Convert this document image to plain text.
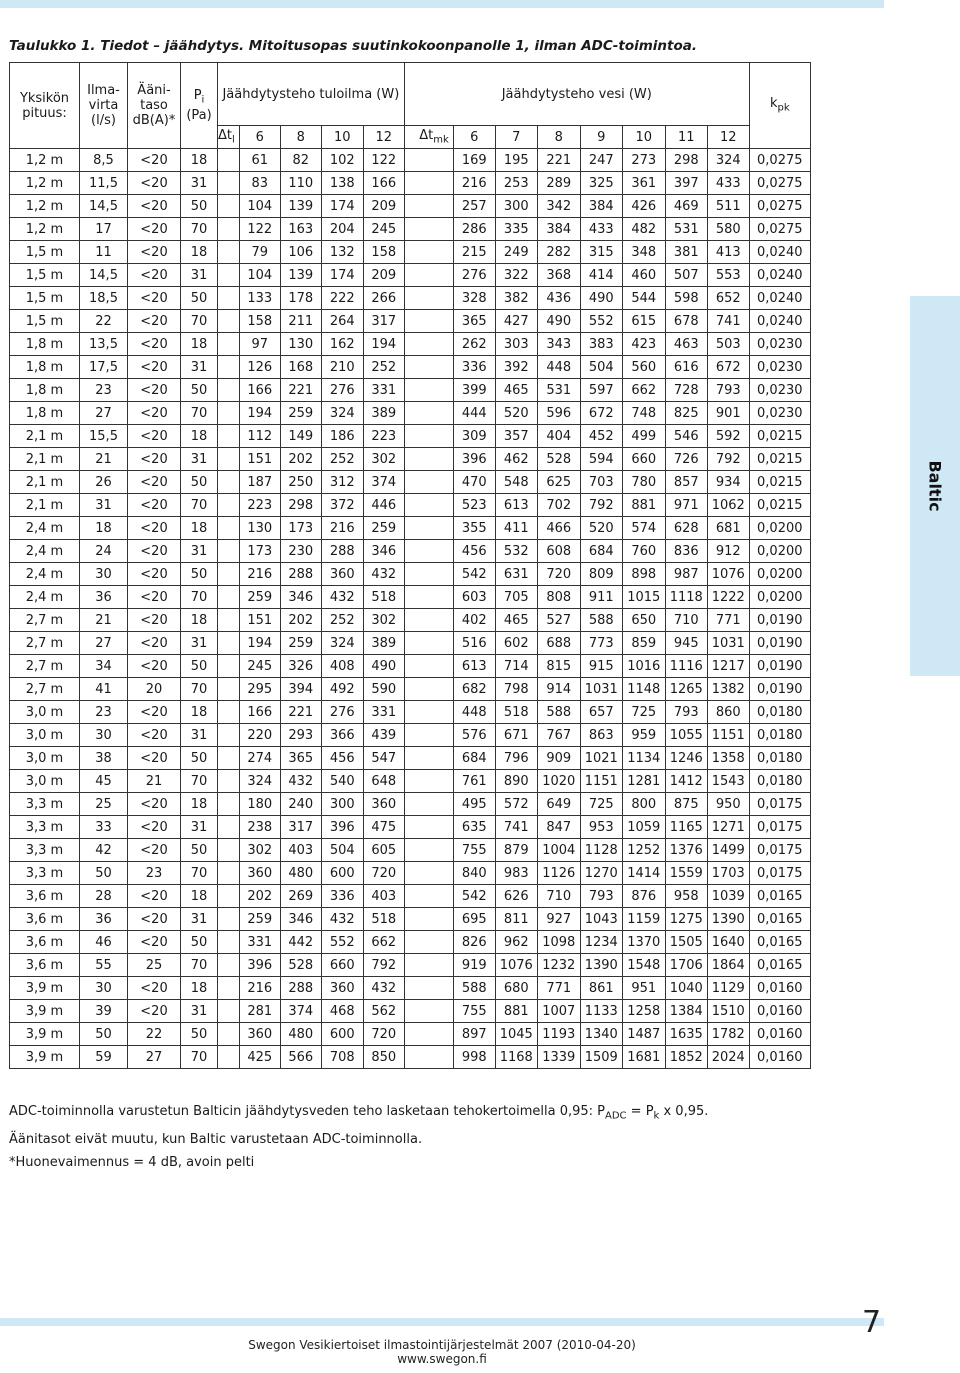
Taulukko 1. Tiedot – jäähdytys. Mitoitusopas suutinkokoonpanolle 1, ilman ADC-toimintoa.
Baltic
Yksikön pituus:	Ilma-virta (l/s)	Ääni-taso dB(A)*	$P_i$
(Pa)	Jäähdytysteho tuloilma (W)					Jäähdytysteho vesi (W)								$k_{pk}$
				$\Delta t_l$	6	8	10	12	$\Delta t_{mk}$	6	7	8	9	10	11	12	
1,2 m	8,5	<20	18		61	82	102	122		169	195	221	247	273	298	324	0,0275
1,2 m	11,5	<20	31		83	110	138	166		216	253	289	325	361	397	433	0,0275
1,2 m	14,5	<20	50		104	139	174	209		257	300	342	384	426	469	511	0,0275
1,2 m	17	<20	70		122	163	204	245		286	335	384	433	482	531	580	0,0275
1,5 m	11	<20	18		79	106	132	158		215	249	282	315	348	381	413	0,0240
1,5 m	14,5	<20	31		104	139	174	209		276	322	368	414	460	507	553	0,0240
1,5 m	18,5	<20	50		133	178	222	266		328	382	436	490	544	598	652	0,0240
1,5 m	22	<20	70		158	211	264	317		365	427	490	552	615	678	741	0,0240
1,8 m	13,5	<20	18		97	130	162	194		262	303	343	383	423	463	503	0,0230
1,8 m	17,5	<20	31		126	168	210	252		336	392	448	504	560	616	672	0,0230
1,8 m	23	<20	50		166	221	276	331		399	465	531	597	662	728	793	0,0230
1,8 m	27	<20	70		194	259	324	389		444	520	596	672	748	825	901	0,0230
2,1 m	15,5	<20	18		112	149	186	223		309	357	404	452	499	546	592	0,0215
2,1 m	21	<20	31		151	202	252	302		396	462	528	594	660	726	792	0,0215
2,1 m	26	<20	50		187	250	312	374		470	548	625	703	780	857	934	0,0215
2,1 m	31	<20	70		223	298	372	446		523	613	702	792	881	971	1062	0,0215
2,4 m	18	<20	18		130	173	216	259		355	411	466	520	574	628	681	0,0200
2,4 m	24	<20	31		173	230	288	346		456	532	608	684	760	836	912	0,0200
2,4 m	30	<20	50		216	288	360	432		542	631	720	809	898	987	1076	0,0200
2,4 m	36	<20	70		259	346	432	518		603	705	808	911	1015	1118	1222	0,0200
2,7 m	21	<20	18		151	202	252	302		402	465	527	588	650	710	771	0,0190
2,7 m	27	<20	31		194	259	324	389		516	602	688	773	859	945	1031	0,0190
2,7 m	34	<20	50		245	326	408	490		613	714	815	915	1016	1116	1217	0,0190
2,7 m	41	20	70		295	394	492	590		682	798	914	1031	1148	1265	1382	0,0190
3,0 m	23	<20	18		166	221	276	331		448	518	588	657	725	793	860	0,0180
3,0 m	30	<20	31		220	293	366	439		576	671	767	863	959	1055	1151	0,0180
3,0 m	38	<20	50		274	365	456	547		684	796	909	1021	1134	1246	1358	0,0180
3,0 m	45	21	70		324	432	540	648		761	890	1020	1151	1281	1412	1543	0,0180
3,3 m	25	<20	18		180	240	300	360		495	572	649	725	800	875	950	0,0175
3,3 m	33	<20	31		238	317	396	475		635	741	847	953	1059	1165	1271	0,0175
3,3 m	42	<20	50		302	403	504	605		755	879	1004	1128	1252	1376	1499	0,0175
3,3 m	50	23	70		360	480	600	720		840	983	1126	1270	1414	1559	1703	0,0175
3,6 m	28	<20	18		202	269	336	403		542	626	710	793	876	958	1039	0,0165
3,6 m	36	<20	31		259	346	432	518		695	811	927	1043	1159	1275	1390	0,0165
3,6 m	46	<20	50		331	442	552	662		826	962	1098	1234	1370	1505	1640	0,0165
3,6 m	55	25	70		396	528	660	792		919	1076	1232	1390	1548	1706	1864	0,0165
3,9 m	30	<20	18		216	288	360	432		588	680	771	861	951	1040	1129	0,0160
3,9 m	39	<20	31		281	374	468	562		755	881	1007	1133	1258	1384	1510	0,0160
3,9 m	50	22	50		360	480	600	720		897	1045	1193	1340	1487	1635	1782	0,0160
3,9 m	59	27	70		425	566	708	850		998	1168	1339	1509	1681	1852	2024	0,0160
ADC-toiminnolla varustetun Balticin jäähdytysveden teho lasketaan tehokertoimella 0,95: $P_{ADC} = P_k$ x 0,95.
Äänitasot eivät muutu, kun Baltic varustetaan ADC-toiminnolla.
*Huonevaimennus = 4 dB, avoin pelti
7
Swegon Vesikiertoiset ilmastointijärjestelmät 2007 (2010-04-20)
www.swegon.fi
